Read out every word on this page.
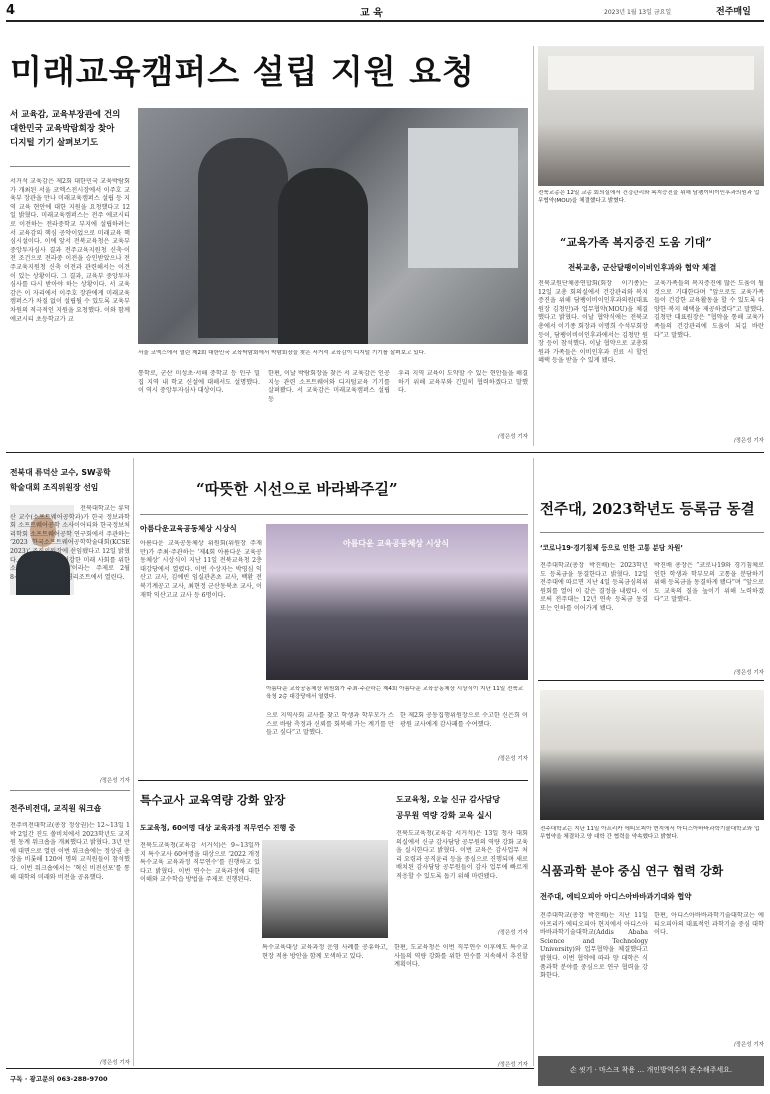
4	교 육	2023년 1월 13일 금요일	전주매일
미래교육캠퍼스 설립 지원 요청
서 교육감, 교육부장관에 건의
대한민국 교육박람회장 찾아
디지털 기기 살펴보기도
서거석 교육감은 제2회 대한민국 교육박람회가 개최된 서울 코엑스전시장에서 이주호 교육부 장관을 만나 미래교육캠퍼스 설립 등 지역 교육 현안에 대한 지원을 요청했다고 12일 밝혔다. 미래교육캠퍼스는 전주 에코시티로 이전하는 전라중학교 부지에 설립하려는 서 교육감의 핵심 공약이었으로 미래교육 핵심시설이다. 이에 앞서 전북교육청은 교육부 중앙투자심사 결과 전주교육지원청 신축·이전 조건으로 전라중 이전을 승인받았으나 전주교육지원청 신축 이전과 관련해서는 이견이 있는 상황이다. 그 결과, 교육부 중앙투자심사를 다시 받아야 하는 상황이다. 서 교육감은 이 자리에서 이주호 장관에게 미래교육캠퍼스가 차질 없이 설립될 수 있도록 교육부 차원의 적극적인 지원을 요청했다. 이와 함께 에코시티 초등학교가 교
서울 코엑스에서 열린 제2회 대한민국 교육박람회에서 박람회장을 찾은 서거석 교육감이 디지털 기기를 살펴보고 있다.
통학로, 군산 미성초·서해 중학교 등 인구 밀집 지역 내 학교 신설에 대해서도 설명했다. 이 역시 중앙투자심사 대상이다.
한편, 이날 박람회장을 찾은 서 교육감은 인공지능 관련 소프트웨어와 디지털교육 기기를 살펴봤다. 서 교육감은 미래교육캠퍼스 설립 등
우리 지역 교육이 도약할 수 있는 현안들을 해결하기 위해 교육부와 긴밀히 협력하겠다고 말했다.
/정은성 기자
전북교총은 12일 교총 회의실에서 건강관리와 복지증진을 위해 담팽이비이인후과의원과 업무협약(MOU)을 체결했다고 밝혔다.
“교육가족 복지증진 도움 기대”
전북교총, 군산달팽이이비인후과와 협약 체결
전북교원단체총연합회(회장 이기종)는 12일 교총 회의실에서 건강관리와 복지증진을 위해 담팽이비이인후과의원(대표원장 김청만)과 업무협약(MOU)을 체결했다고 밝혔다. 이날 협약식에는 전북교총에서 이기종 회장과 이명희 수석부회장 등이, 담팽이비이인후과에서는 김청만 원장 등이 참석했다. 이날 협약으로 교총회원과 가족들은 이비인후과 진료 시 할인 혜택 등을 받을 수 있게 됐다.
교육가족들의 복지증진에 많은 도움이 될 것으로 기대한다며 “앞으로도 교육가족들이 건강한 교육활동을 할 수 있도록 다양한 복지 혜택을 제공하겠다”고 말했다. 김청만 대표원장은 “협약을 통해 교육가족들의 건강관리에 도움이 되길 바란다”고 말했다.
/정은성 기자
전북대 류덕산 교수, SW공학
학술대회 조직위원장 선임
전북대학교는 류덕산 교수(소프트웨어공학과)가 한국 정보과학회 소프트웨어공학 소사이어티와 한국정보처리학회 소프트웨어공학 연구회에서 주관하는 ‘2023 한국소프트웨어공학학술대회(KCSE 2023)’ 조직위원장에 선임됐다고 12일 밝혔다. 이 학술대회는 ‘건강한 미래 사회를 위한 소프트웨어공학 기술’이라는 주제로 2월 8~10일까지 평창 용평리조트에서 열린다.
/정은성 기자
전주비전대, 교직원 워크숍
전주비전대학교(총장 정상권)는 12~13일 1박 2일간 진도 쏠비치에서 2023학년도 교직원 동계 워크숍을 개최했다고 밝혔다. 3년 만에 대면으로 열린 이번 워크숍에는 정상권 총장을 비롯해 120여 명의 교직원들이 참석했다. 이번 워크숍에서는 ‘혁신 비전선포’를 통해 대학의 미래와 비전을 공유했다.
/정은성 기자
“따뜻한 시선으로 바라봐주길”
아름다운교육공동체상 시상식
아름다운 교육공동체상 위원회(위원장 주재만)가 주최·주관하는 ‘제4회 아름다운 교육공동체상’ 시상식이 지난 11일 전북교육청 2층 대강당에서 열렸다. 이번 수상자는 박영심 익산고 교사, 김예빈 임실관촌초 교사, 백환 전북기계공고 교사, 최현정 군산동북초 교사, 이재학 익산고교 교사 등 6명이다.
아름다운 교육공동체상 시상식
아름다운 교육공동체상 위원회가 주최·주관하는 제4회 아름다운 교육공동체상 시상식이 지난 11일 전북교육청 2층 대강당에서 열렸다.
으로 지역사회 교사를 찾고 학생과 학부모가 스스로 바람 측정과 신뢰를 회복해 가는 계기를 만들고 싶다”고 말했다.
한 제2회 공동집행위원장으로 수고한 신은희 이광원 교사에게 감사패를 수여했다.
/정은성 기자
특수교사 교육역량 강화 앞장
도교육청, 60여명 대상 교육과정 직무연수 진행 중
전북도교육청(교육감 서거석)은 9~13일까지 특수교사 60여명을 대상으로 ‘2022 개정 특수교육 교육과정 직무연수’를 진행하고 있다고 밝혔다. 이번 연수는 교육과정에 대한 이해와 교수학습 방법을 주제로 진행된다.
특수교육대상 교육과정 운영 사례를 공유하고, 현장 적용 방안을 함께 모색하고 있다.
한편, 도교육청은 이번 직무연수 이후에도 특수교사들의 역량 강화를 위한 연수를 지속해서 추진할 계획이다.
/정은성 기자
도교육청, 오늘 신규 감사담당
공무원 역량 강화 교육 실시
전북도교육청(교육감 서거석)은 13일 청사 대회의실에서 신규 감사담당 공무원의 역량 강화 교육을 실시한다고 밝혔다. 이번 교육은 감사업무 처리 요령과 공직윤리 등을 중심으로 진행되며 새로 배치된 감사담당 공무원들이 감사 업무에 빠르게 적응할 수 있도록 돕기 위해 마련됐다.
/정은성 기자
전주대, 2023학년도 등록금 동결
‘코로나19·경기침체 등으로 인한 고통 분담 차원’
전주대학교(총장 박진배)는 2023학년도 등록금을 동결한다고 밝혔다. 12일 전주대에 따르면 지난 4일 등록금심의위원회를 열어 이 같은 결정을 내렸다. 이로써 전주대는 12년 연속 등록금 동결 또는 인하를 이어가게 됐다.
박진배 총장은 “코로나19와 경기침체로 인한 학생과 학부모의 고통을 분담하기 위해 등록금을 동결하게 됐다”며 “앞으로도 교육의 질을 높이기 위해 노력하겠다”고 말했다.
/정은성 기자
전주대학교는 지난 11일 아프리카 에티오피아 현지에서 아디스아바바과학기술대학교와 업무협약을 체결하고 양 대학 간 협력을 약속했다고 밝혔다.
식품과학 분야 중심 연구 협력 강화
전주대, 에티오피아 아디스아바바과기대와 협약
전주대학교(총장 박진배)는 지난 11일 아프리카 에티오피아 현지에서 아디스아바바과학기술대학교(Addis Ababa Science and Technology University)와 업무협약을 체결했다고 밝혔다. 이번 협약에 따라 양 대학은 식품과학 분야를 중심으로 연구 협력을 강화한다.
한편, 아디스아바바과학기술대학교는 에티오피아의 대표적인 과학기술 중심 대학이다.
/정은성 기자
구독 · 광고문의 063-288-9700
손 씻기 · 마스크 착용 … 개인방역수칙 준수해주세요.
